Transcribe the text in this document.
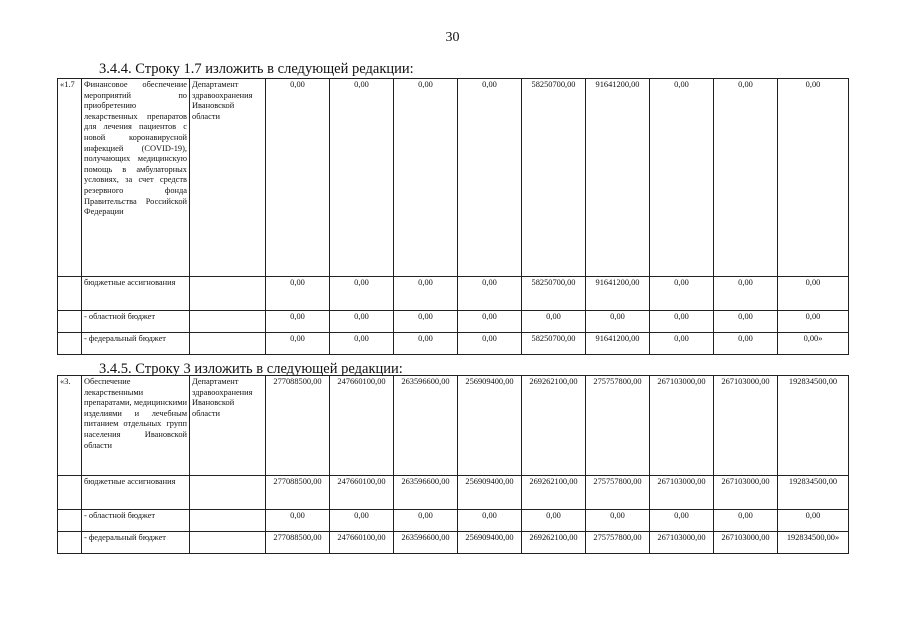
30
3.4.4. Строку 1.7 изложить в следующей редакции:
«1.7	Финансовое обеспечение мероприятий по приобретению лекарственных препаратов для лечения пациентов с новой коронавирусной инфекцией (COVID-19), получающих медицинскую помощь в амбулаторных условиях, за счет средств резервного фонда Правительства Российской Федерации	Департамент здравоохранения Ивановской области	0,00	0,00	0,00	0,00	58250700,00	91641200,00	0,00	0,00	0,00
	бюджетные ассигнования		0,00	0,00	0,00	0,00	58250700,00	91641200,00	0,00	0,00	0,00
	- областной бюджет		0,00	0,00	0,00	0,00	0,00	0,00	0,00	0,00	0,00
	- федеральный бюджет		0,00	0,00	0,00	0,00	58250700,00	91641200,00	0,00	0,00	0,00»
3.4.5. Строку 3 изложить в следующей редакции:
«3.	Обеспечение лекарственными препаратами, медицинскими изделиями и лечебным питанием отдельных групп населения Ивановской области	Департамент здравоохранения Ивановской области	277088500,00	247660100,00	263596600,00	256909400,00	269262100,00	275757800,00	267103000,00	267103000,00	192834500,00
	бюджетные ассигнования		277088500,00	247660100,00	263596600,00	256909400,00	269262100,00	275757800,00	267103000,00	267103000,00	192834500,00
	- областной бюджет		0,00	0,00	0,00	0,00	0,00	0,00	0,00	0,00	0,00
	- федеральный бюджет		277088500,00	247660100,00	263596600,00	256909400,00	269262100,00	275757800,00	267103000,00	267103000,00	192834500,00»
